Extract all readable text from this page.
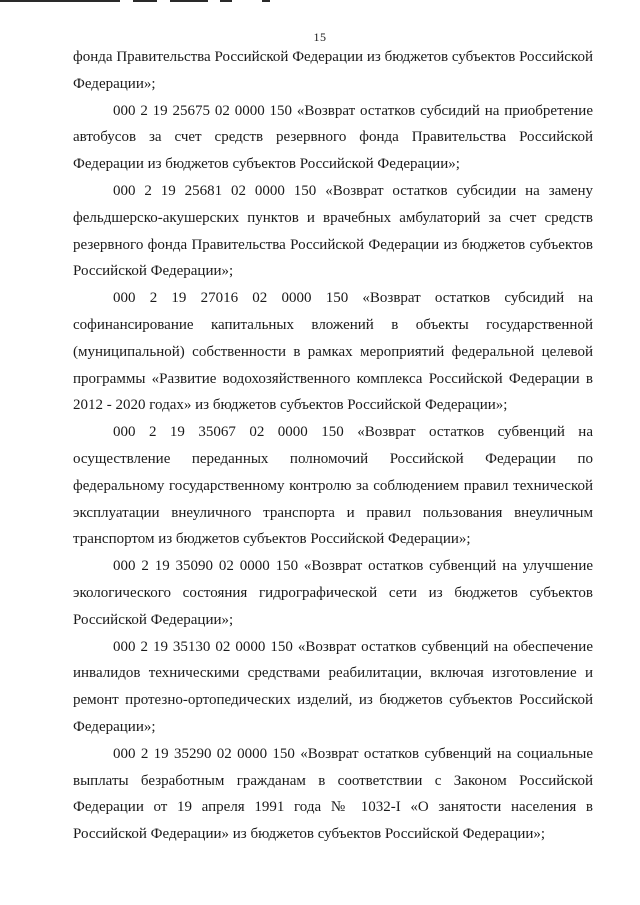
15

фонда Правительства Российской Федерации из бюджетов субъектов Российской Федерации»;

000 2 19 25675 02 0000 150 «Возврат остатков субсидий на приобретение автобусов за счет средств резервного фонда Правительства Российской Федерации из бюджетов субъектов Российской Федерации»;

000 2 19 25681 02 0000 150 «Возврат остатков субсидии на замену фельдшерско-акушерских пунктов и врачебных амбулаторий за счет средств резервного фонда Правительства Российской Федерации из бюджетов субъектов Российской Федерации»;

000 2 19 27016 02 0000 150 «Возврат остатков субсидий на софинансирование капитальных вложений в объекты государственной (муниципальной) собственности в рамках мероприятий федеральной целевой программы «Развитие водохозяйственного комплекса Российской Федерации в 2012 - 2020 годах» из бюджетов субъектов Российской Федерации»;

000 2 19 35067 02 0000 150 «Возврат остатков субвенций на осуществление переданных полномочий Российской Федерации по федеральному государственному контролю за соблюдением правил технической эксплуатации внеуличного транспорта и правил пользования внеуличным транспортом из бюджетов субъектов Российской Федерации»;

000 2 19 35090 02 0000 150 «Возврат остатков субвенций на улучшение экологического состояния гидрографической сети из бюджетов субъектов Российской Федерации»;

000 2 19 35130 02 0000 150 «Возврат остатков субвенций на обеспечение инвалидов техническими средствами реабилитации, включая изготовление и ремонт протезно-ортопедических изделий, из бюджетов субъектов Российской Федерации»;

000 2 19 35290 02 0000 150 «Возврат остатков субвенций на социальные выплаты безработным гражданам в соответствии с Законом Российской Федерации от 19 апреля 1991 года № 1032-I «О занятости населения в Российской Федерации» из бюджетов субъектов Российской Федерации»;
